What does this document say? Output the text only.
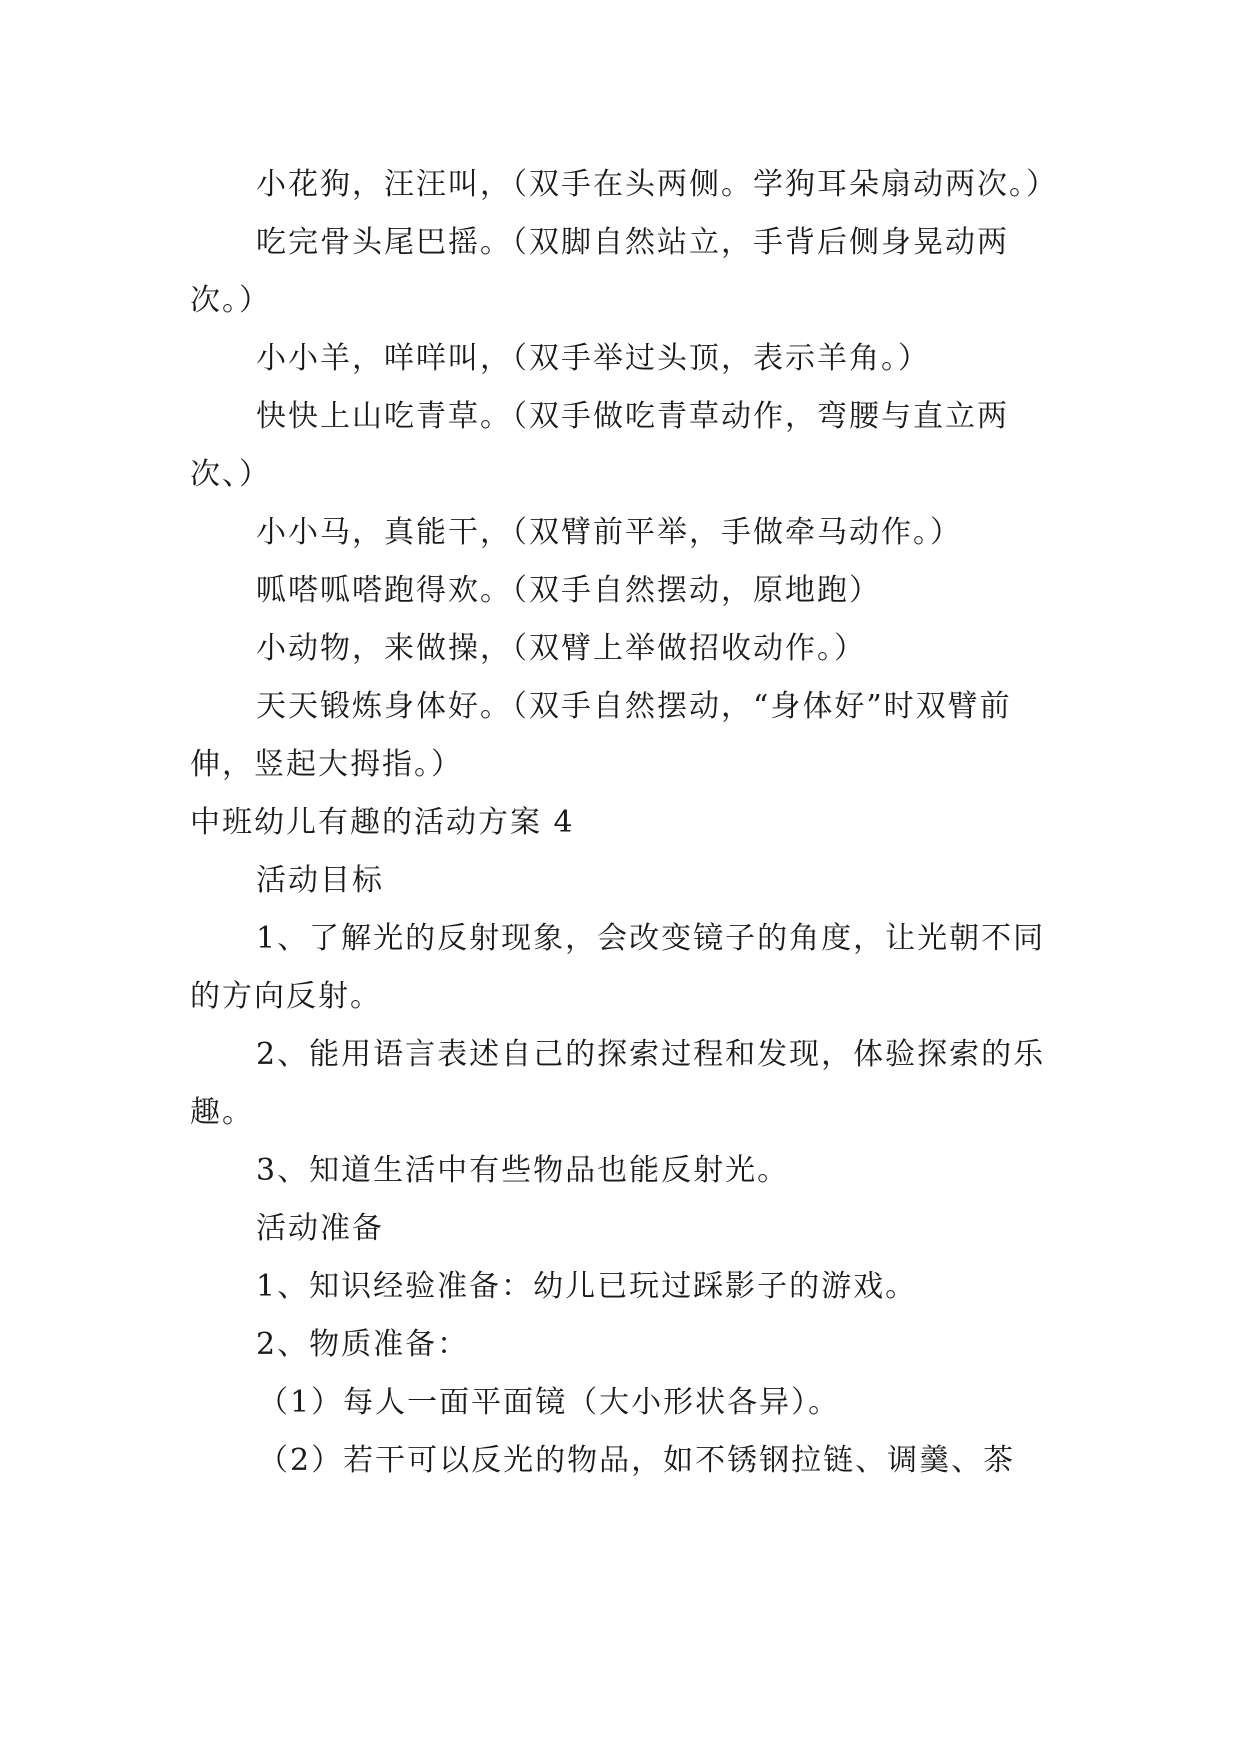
小花狗，汪汪叫，（双手在头两侧。学狗耳朵扇动两次。）

吃完骨头尾巴摇。（双脚自然站立，手背后侧身晃动两次。）

小小羊，咩咩叫，（双手举过头顶，表示羊角。）

快快上山吃青草。（双手做吃青草动作，弯腰与直立两次、）

小小马，真能干，（双臂前平举，手做牵马动作。）

呱嗒呱嗒跑得欢。（双手自然摆动，原地跑）

小动物，来做操，（双臂上举做招收动作。）

天天锻炼身体好。（双手自然摆动，“身体好”时双臂前伸，竖起大拇指。）

中班幼儿有趣的活动方案 4

活动目标

1、了解光的反射现象，会改变镜子的角度，让光朝不同的方向反射。

2、能用语言表述自己的探索过程和发现，体验探索的乐趣。

3、知道生活中有些物品也能反射光。

活动准备

1、知识经验准备：幼儿已玩过踩影子的游戏。

2、物质准备：

（1）每人一面平面镜（大小形状各异）。

（2）若干可以反光的物品，如不锈钢拉链、调羹、茶
